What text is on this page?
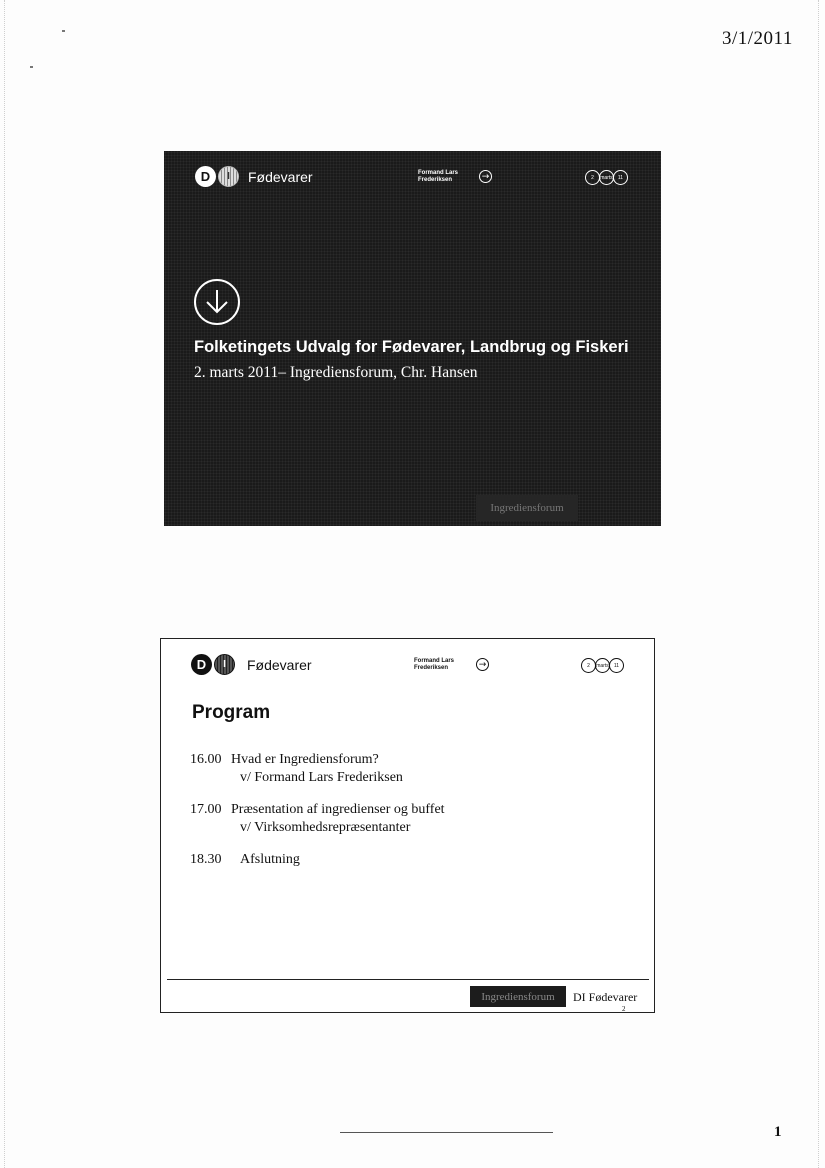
3/1/2011
D	I	Fødevarer	Formand Lars
Frederiksen	→	2	marts	11
Folketingets Udvalg for Fødevarer, Landbrug og Fiskeri
2. marts 2011– Ingrediensforum, Chr. Hansen
Ingrediensforum
D	I	Fødevarer	Formand Lars
Frederiksen	→	2	marts	11
Program
16.00 Hvad er Ingrediensforum?
v/ Formand Lars Frederiksen
17.00 Præsentation af ingredienser og buffet
v/ Virksomhedsrepræsentanter
18.30 Afslutning
Ingrediensforum	DI Fødevarer
2
1
